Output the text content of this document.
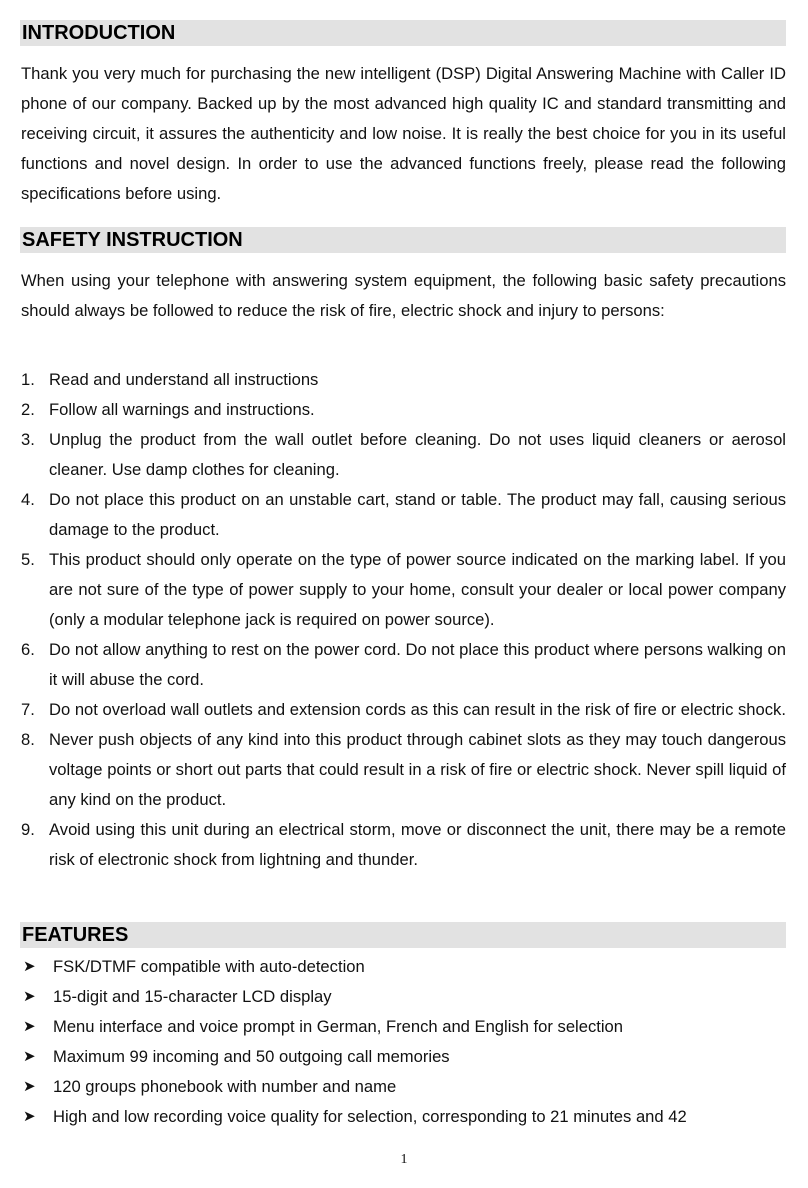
INTRODUCTION

Thank you very much for purchasing the new intelligent (DSP) Digital Answering Machine with Caller ID phone of our company. Backed up by the most advanced high quality IC and standard transmitting and receiving circuit, it assures the authenticity and low noise. It is really the best choice for you in its useful functions and novel design. In order to use the advanced functions freely, please read the following specifications before using.

SAFETY INSTRUCTION

When using your telephone with answering system equipment, the following basic safety precautions should always be followed to reduce the risk of fire, electric shock and injury to persons:

1. Read and understand all instructions
2. Follow all warnings and instructions.
3. Unplug the product from the wall outlet before cleaning. Do not uses liquid cleaners or aerosol cleaner. Use damp clothes for cleaning.
4. Do not place this product on an unstable cart, stand or table. The product may fall, causing serious damage to the product.
5. This product should only operate on the type of power source indicated on the marking label. If you are not sure of the type of power supply to your home, consult your dealer or local power company (only a modular telephone jack is required on power source).
6. Do not allow anything to rest on the power cord. Do not place this product where persons walking on it will abuse the cord.
7. Do not overload wall outlets and extension cords as this can result in the risk of fire or electric shock.
8. Never push objects of any kind into this product through cabinet slots as they may touch dangerous voltage points or short out parts that could result in a risk of fire or electric shock. Never spill liquid of any kind on the product.
9. Avoid using this unit during an electrical storm, move or disconnect the unit, there may be a remote risk of electronic shock from lightning and thunder.
FEATURES
➤ FSK/DTMF compatible with auto-detection
➤ 15-digit and 15-character LCD display
➤ Menu interface and voice prompt in German, French and English for selection
➤ Maximum 99 incoming and 50 outgoing call memories
➤ 120 groups phonebook with number and name
➤ High and low recording voice quality for selection, corresponding to 21 minutes and 42
1
